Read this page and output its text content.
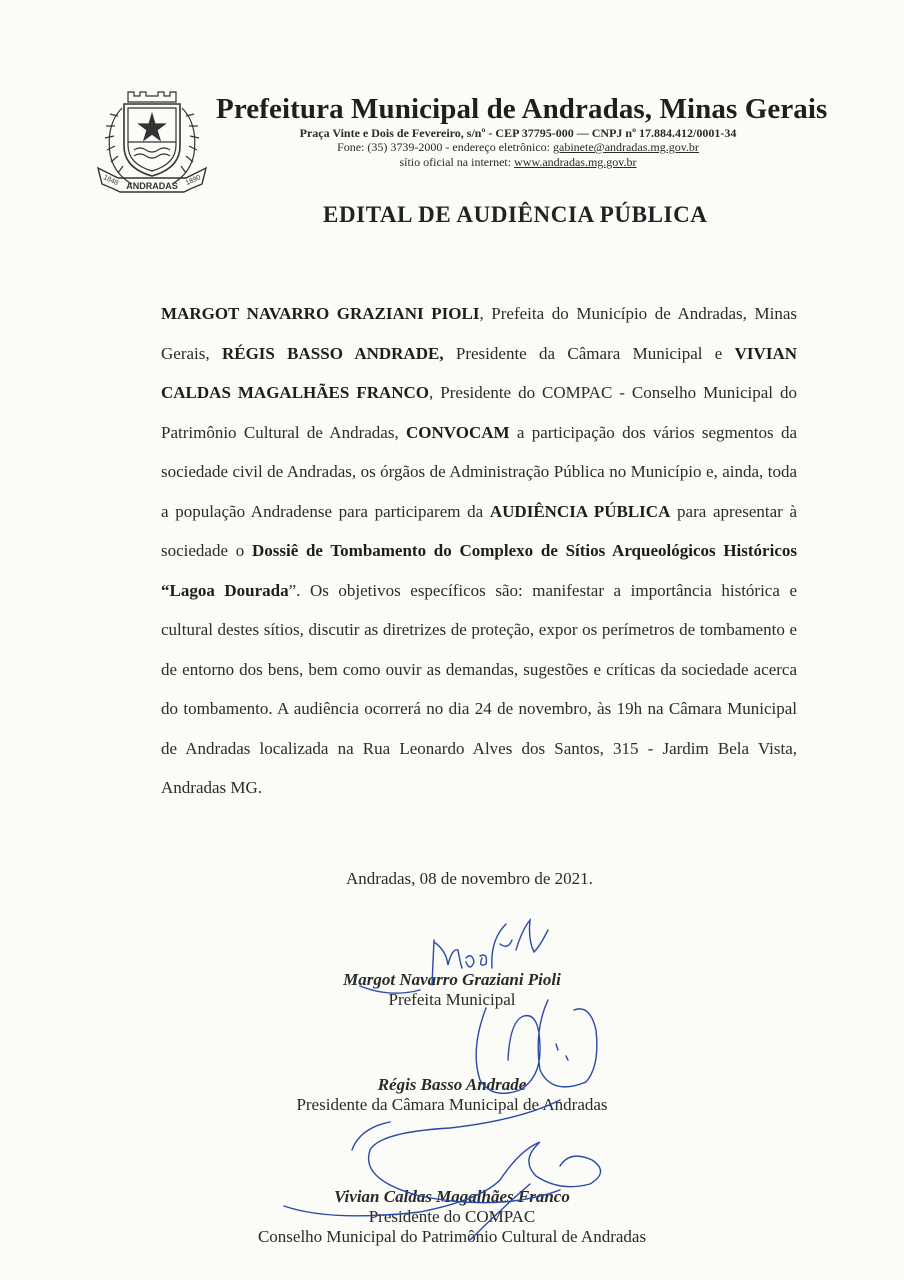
ANDRADAS
1848	1890
Prefeitura Municipal de Andradas, Minas Gerais
Praça Vinte e Dois de Fevereiro, s/nº - CEP 37795-000 — CNPJ nº 17.884.412/0001-34
Fone: (35) 3739-2000 - endereço eletrônico: gabinete@andradas.mg.gov.br
sítio oficial na internet: www.andradas.mg.gov.br
EDITAL DE AUDIÊNCIA PÚBLICA
MARGOT NAVARRO GRAZIANI PIOLI, Prefeita do Município de Andradas, Minas Gerais, RÉGIS BASSO ANDRADE, Presidente da Câmara Municipal e VIVIAN CALDAS MAGALHÃES FRANCO, Presidente do COMPAC - Conselho Municipal do Patrimônio Cultural de Andradas, CONVOCAM a participação dos vários segmentos da sociedade civil de Andradas, os órgãos de Administração Pública no Município e, ainda, toda a população Andradense para participarem da AUDIÊNCIA PÚBLICA para apresentar à sociedade o Dossiê de Tombamento do Complexo de Sítios Arqueológicos Históricos “Lagoa Dourada”. Os objetivos específicos são: manifestar a importância histórica e cultural destes sítios, discutir as diretrizes de proteção, expor os perímetros de tombamento e de entorno dos bens, bem como ouvir as demandas, sugestões e críticas da sociedade acerca do tombamento. A audiência ocorrerá no dia 24 de novembro, às 19h na Câmara Municipal de Andradas localizada na Rua Leonardo Alves dos Santos, 315 - Jardim Bela Vista, Andradas MG.
Andradas, 08 de novembro de 2021.
Margot Navarro Graziani Pioli
Prefeita Municipal
Régis Basso Andrade
Presidente da Câmara Municipal de Andradas
Vivian Caldas Magalhães Franco
Presidente do COMPAC
Conselho Municipal do Patrimônio Cultural de Andradas
